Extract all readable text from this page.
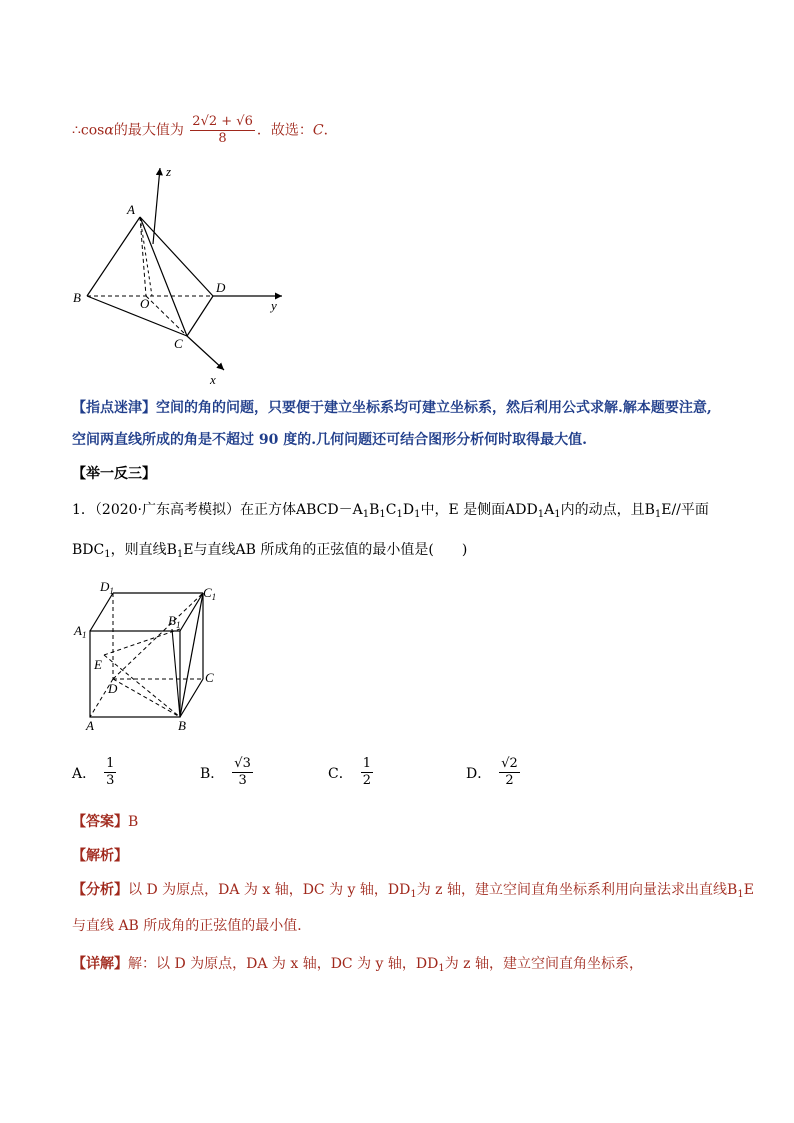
∴cosα的最大值为 $\frac{2√2 + √6}{8}$ ．故选：C．
z
A
B	O
D
y
C
x
【指点迷津】空间的角的问题，只要便于建立坐标系均可建立坐标系，然后利用公式求解.解本题要注意,
空间两直线所成的角是不超过 90 度的.几何问题还可结合图形分析何时取得最大值.
【举一反三】
1．（2020·广东高考模拟）在正方体$ABCD-A_1B_1C_1D_1$中，E 是侧面$ADD_1A_1$内的动点，且$B_1E//$平面
$BDC_1$，则直线$B_1E$与直线AB 所成角的正弦值的最小值是(　　)
$D_1$	$C_1$
$A_1$
$B_1$
E
D
C
A	B
A． $\frac{1}{3}$	B． $\frac{√3}{3}$	C． $\frac{1}{2}$	D． $\frac{√2}{2}$
【答案】B
【解析】
【分析】以 D 为原点，DA 为 x 轴，DC 为 y 轴，$DD_1$为 z 轴，建立空间直角坐标系利用向量法求出直线$B_1E$
与直线 AB 所成角的正弦值的最小值．
【详解】解：以 D 为原点，DA 为 x 轴，DC 为 y 轴，$DD_1$为 z 轴，建立空间直角坐标系，
